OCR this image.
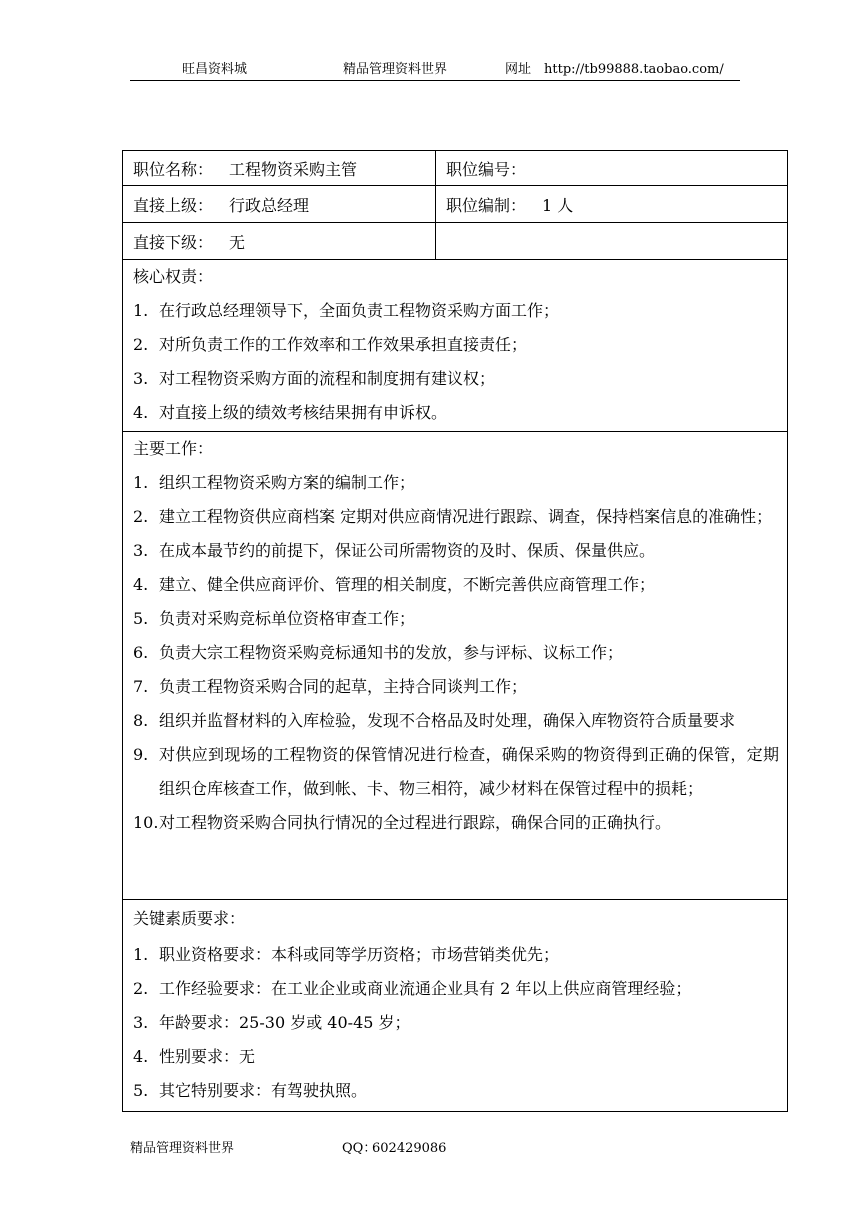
旺昌资料城	精品管理资料世界	网址 http://tb99888.taobao.com/
职位名称： 工程物资采购主管	职位编号：
直接上级： 行政总经理	职位编制： 1 人
直接下级： 无
核心权责：
1. 在行政总经理领导下，全面负责工程物资采购方面工作；
2. 对所负责工作的工作效率和工作效果承担直接责任；
3. 对工程物资采购方面的流程和制度拥有建议权；
4. 对直接上级的绩效考核结果拥有申诉权。
主要工作：
1. 组织工程物资采购方案的编制工作；
2. 建立工程物资供应商档案 定期对供应商情况进行跟踪、调查，保持档案信息的准确性；
3. 在成本最节约的前提下，保证公司所需物资的及时、保质、保量供应。
4. 建立、健全供应商评价、管理的相关制度，不断完善供应商管理工作；
5. 负责对采购竞标单位资格审查工作；
6. 负责大宗工程物资采购竞标通知书的发放，参与评标、议标工作；
7. 负责工程物资采购合同的起草，主持合同谈判工作；
8. 组织并监督材料的入库检验，发现不合格品及时处理，确保入库物资符合质量要求
9. 对供应到现场的工程物资的保管情况进行检查，确保采购的物资得到正确的保管，定期组织仓库核查工作，做到帐、卡、物三相符，减少材料在保管过程中的损耗；
10. 对工程物资采购合同执行情况的全过程进行跟踪，确保合同的正确执行。
关键素质要求：
1. 职业资格要求：本科或同等学历资格；市场营销类优先；
2. 工作经验要求：在工业企业或商业流通企业具有 2 年以上供应商管理经验；
3. 年龄要求：25-30 岁或 40-45 岁；
4. 性别要求：无
5. 其它特别要求：有驾驶执照。
精品管理资料世界	QQ：
602429086
